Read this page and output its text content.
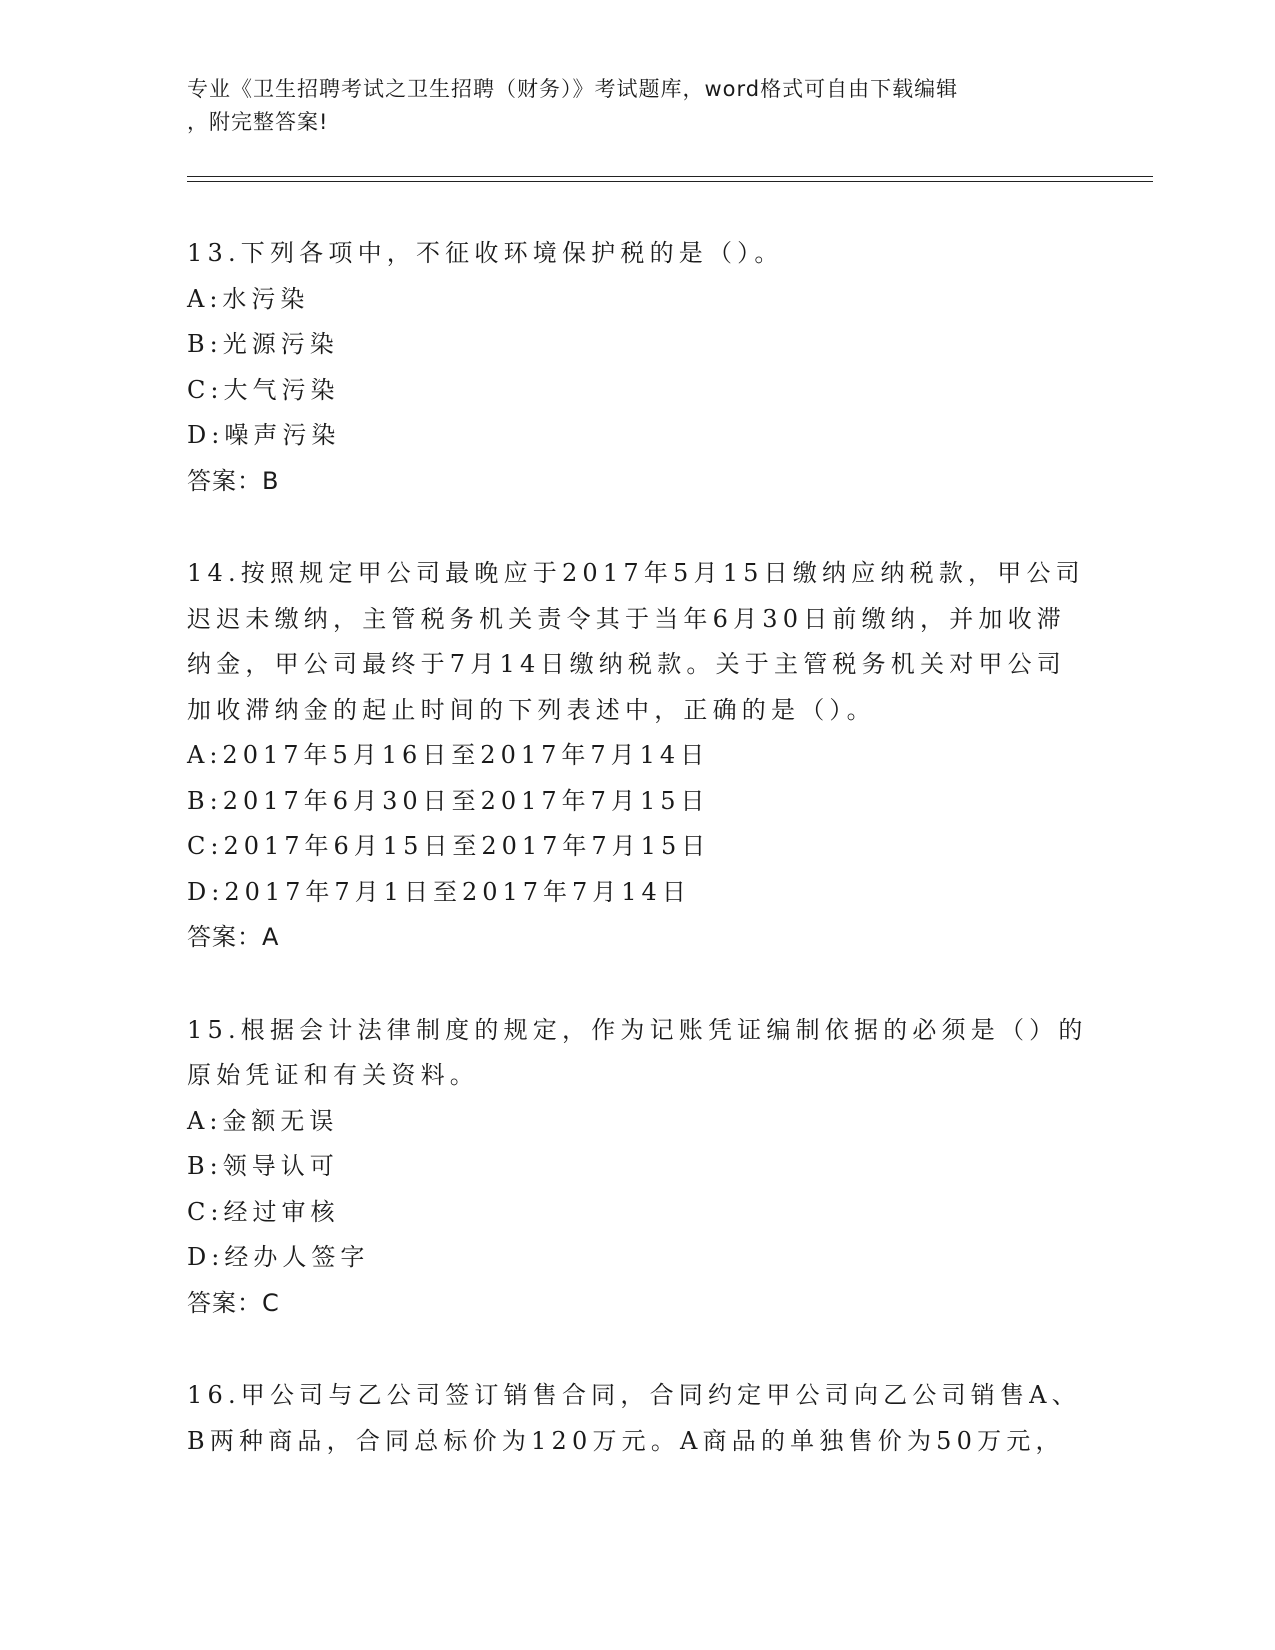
专业《卫生招聘考试之卫生招聘（财务）》考试题库，word格式可自由下载编辑
，附完整答案!
13.下列各项中，不征收环境保护税的是（）。
A:水污染
B:光源污染
C:大气污染
D:噪声污染
答案：B
14.按照规定甲公司最晚应于2017年5月15日缴纳应纳税款，甲公司
迟迟未缴纳，主管税务机关责令其于当年6月30日前缴纳，并加收滞
纳金，甲公司最终于7月14日缴纳税款。关于主管税务机关对甲公司
加收滞纳金的起止时间的下列表述中，正确的是（）。
A:2017年5月16日至2017年7月14日
B:2017年6月30日至2017年7月15日
C:2017年6月15日至2017年7月15日
D:2017年7月1日至2017年7月14日
答案：A
15.根据会计法律制度的规定，作为记账凭证编制依据的必须是（）的
原始凭证和有关资料。
A:金额无误
B:领导认可
C:经过审核
D:经办人签字
答案：C
16.甲公司与乙公司签订销售合同，合同约定甲公司向乙公司销售A、
B两种商品，合同总标价为120万元。A商品的单独售价为50万元，
